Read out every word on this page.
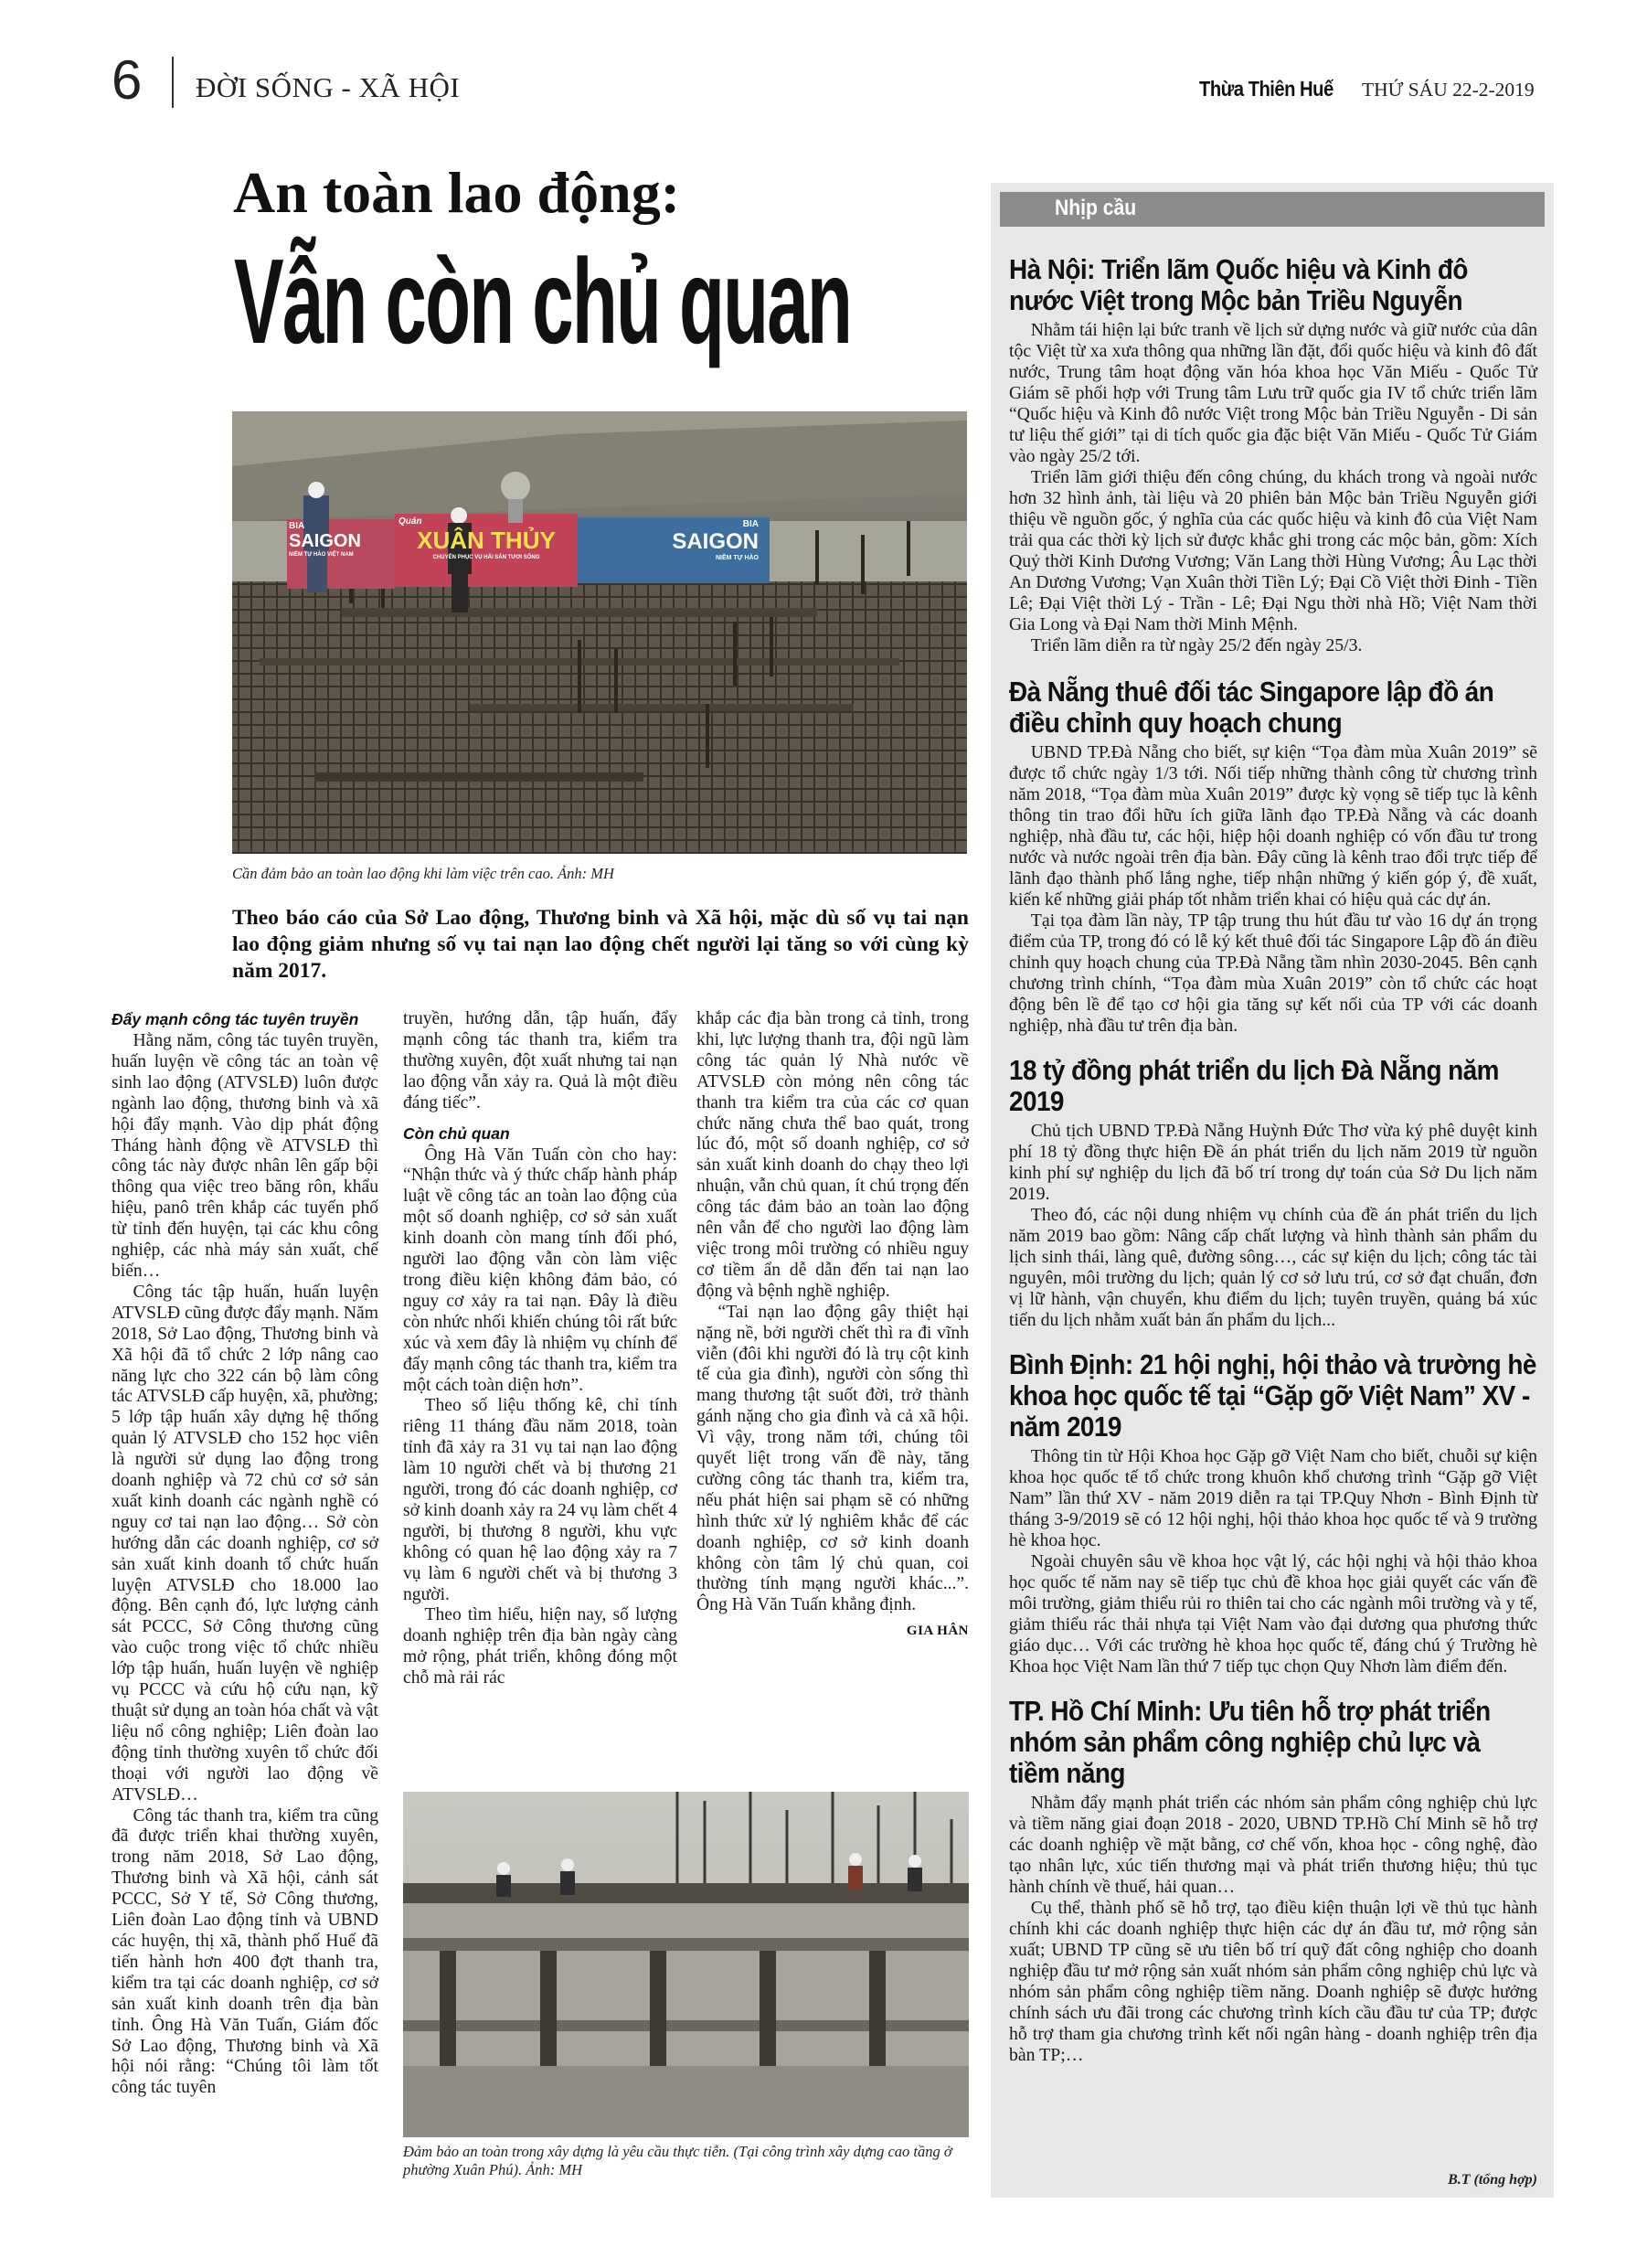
6 ĐỜI SỐNG - XÃ HỘI	Thừa Thiên Huế THỨ SÁU 22-2-2019
An toàn lao động:
Vẫn còn chủ quan
BIA
SAIGON
NIỀM TỰ HÀO VIỆT NAM
Quán
XUÂN THỦY
CHUYÊN PHỤC VỤ HẢI SẢN TƯƠI SỐNG
BIA
SAIGON
NIỀM TỰ HÀO
Cần đảm bảo an toàn lao động khi làm việc trên cao. Ảnh: MH
Theo báo cáo của Sở Lao động, Thương binh và Xã hội, mặc dù số vụ tai nạn lao động giảm nhưng số vụ tai nạn lao động chết người lại tăng so với cùng kỳ năm 2017.
Đẩy mạnh công tác tuyên truyền

Hằng năm, công tác tuyên truyền, huấn luyện về công tác an toàn vệ sinh lao động (ATVSLĐ) luôn được ngành lao động, thương binh và xã hội đẩy mạnh. Vào dịp phát động Tháng hành động về ATVSLĐ thì công tác này được nhân lên gấp bội thông qua việc treo băng rôn, khẩu hiệu, panô trên khắp các tuyến phố từ tỉnh đến huyện, tại các khu công nghiệp, các nhà máy sản xuất, chế biến…

Công tác tập huấn, huấn luyện ATVSLĐ cũng được đẩy mạnh. Năm 2018, Sở Lao động, Thương binh và Xã hội đã tổ chức 2 lớp nâng cao năng lực cho 322 cán bộ làm công tác ATVSLĐ cấp huyện, xã, phường; 5 lớp tập huấn xây dựng hệ thống quản lý ATVSLĐ cho 152 học viên là người sử dụng lao động trong doanh nghiệp và 72 chủ cơ sở sản xuất kinh doanh các ngành nghề có nguy cơ tai nạn lao động… Sở còn hướng dẫn các doanh nghiệp, cơ sở sản xuất kinh doanh tổ chức huấn luyện ATVSLĐ cho 18.000 lao động. Bên cạnh đó, lực lượng cảnh sát PCCC, Sở Công thương cũng vào cuộc trong việc tổ chức nhiều lớp tập huấn, huấn luyện về nghiệp vụ PCCC và cứu hộ cứu nạn, kỹ thuật sử dụng an toàn hóa chất và vật liệu nổ công nghiệp; Liên đoàn lao động tỉnh thường xuyên tổ chức đối thoại với người lao động về ATVSLĐ…

Công tác thanh tra, kiểm tra cũng đã được triển khai thường xuyên, trong năm 2018, Sở Lao động, Thương binh và Xã hội, cảnh sát PCCC, Sở Y tế, Sở Công thương, Liên đoàn Lao động tỉnh và UBND các huyện, thị xã, thành phố Huế đã tiến hành hơn 400 đợt thanh tra, kiểm tra tại các doanh nghiệp, cơ sở sản xuất kinh doanh trên địa bàn tỉnh. Ông Hà Văn Tuấn, Giám đốc Sở Lao động, Thương binh và Xã hội nói rằng: “Chúng tôi làm tốt công tác tuyên

truyền, hướng dẫn, tập huấn, đẩy mạnh công tác thanh tra, kiểm tra thường xuyên, đột xuất nhưng tai nạn lao động vẫn xảy ra. Quả là một điều đáng tiếc”.

Còn chủ quan

Ông Hà Văn Tuấn còn cho hay: “Nhận thức và ý thức chấp hành pháp luật về công tác an toàn lao động của một số doanh nghiệp, cơ sở sản xuất kinh doanh còn mang tính đối phó, người lao động vẫn còn làm việc trong điều kiện không đảm bảo, có nguy cơ xảy ra tai nạn. Đây là điều còn nhức nhối khiến chúng tôi rất bức xúc và xem đây là nhiệm vụ chính để đẩy mạnh công tác thanh tra, kiểm tra một cách toàn diện hơn”.

Theo số liệu thống kê, chỉ tính riêng 11 tháng đầu năm 2018, toàn tỉnh đã xảy ra 31 vụ tai nạn lao động làm 10 người chết và bị thương 21 người, trong đó các doanh nghiệp, cơ sở kinh doanh xảy ra 24 vụ làm chết 4 người, bị thương 8 người, khu vực không có quan hệ lao động xảy ra 7 vụ làm 6 người chết và bị thương 3 người.

Theo tìm hiểu, hiện nay, số lượng doanh nghiệp trên địa bàn ngày càng mở rộng, phát triển, không đóng một chỗ mà rải rác

khắp các địa bàn trong cả tỉnh, trong khi, lực lượng thanh tra, đội ngũ làm công tác quản lý Nhà nước về ATVSLĐ còn mỏng nên công tác thanh tra kiểm tra của các cơ quan chức năng chưa thể bao quát, trong lúc đó, một số doanh nghiệp, cơ sở sản xuất kinh doanh do chạy theo lợi nhuận, vẫn chủ quan, ít chú trọng đến công tác đảm bảo an toàn lao động nên vẫn để cho người lao động làm việc trong môi trường có nhiều nguy cơ tiềm ẩn dễ dẫn đến tai nạn lao động và bệnh nghề nghiệp.

“Tai nạn lao động gây thiệt hại nặng nề, bởi người chết thì ra đi vĩnh viễn (đôi khi người đó là trụ cột kinh tế của gia đình), người còn sống thì mang thương tật suốt đời, trở thành gánh nặng cho gia đình và cả xã hội. Vì vậy, trong năm tới, chúng tôi quyết liệt trong vấn đề này, tăng cường công tác thanh tra, kiểm tra, nếu phát hiện sai phạm sẽ có những hình thức xử lý nghiêm khắc để các doanh nghiệp, cơ sở kinh doanh không còn tâm lý chủ quan, coi thường tính mạng người khác...”. Ông Hà Văn Tuấn khẳng định.

GIA HÂN
Đảm bảo an toàn trong xây dựng là yêu cầu thực tiễn. (Tại công trình xây dựng cao tầng ở phường Xuân Phú). Ảnh: MH
Nhịp cầu
Hà Nội: Triển lãm Quốc hiệu và Kinh đô nước Việt trong Mộc bản Triều Nguyễn

Nhằm tái hiện lại bức tranh về lịch sử dựng nước và giữ nước của dân tộc Việt từ xa xưa thông qua những lần đặt, đổi quốc hiệu và kinh đô đất nước, Trung tâm hoạt động văn hóa khoa học Văn Miếu - Quốc Tử Giám sẽ phối hợp với Trung tâm Lưu trữ quốc gia IV tổ chức triển lãm “Quốc hiệu và Kinh đô nước Việt trong Mộc bản Triều Nguyễn - Di sản tư liệu thế giới” tại di tích quốc gia đặc biệt Văn Miếu - Quốc Tử Giám vào ngày 25/2 tới.

Triển lãm giới thiệu đến công chúng, du khách trong và ngoài nước hơn 32 hình ảnh, tài liệu và 20 phiên bản Mộc bản Triều Nguyễn giới thiệu về nguồn gốc, ý nghĩa của các quốc hiệu và kinh đô của Việt Nam trải qua các thời kỳ lịch sử được khắc ghi trong các mộc bản, gồm: Xích Quỷ thời Kinh Dương Vương; Văn Lang thời Hùng Vương; Âu Lạc thời An Dương Vương; Vạn Xuân thời Tiền Lý; Đại Cồ Việt thời Đinh - Tiền Lê; Đại Việt thời Lý - Trần - Lê; Đại Ngu thời nhà Hồ; Việt Nam thời Gia Long và Đại Nam thời Minh Mệnh.

Triển lãm diễn ra từ ngày 25/2 đến ngày 25/3.

Đà Nẵng thuê đối tác Singapore lập đồ án điều chỉnh quy hoạch chung

UBND TP.Đà Nẵng cho biết, sự kiện “Tọa đàm mùa Xuân 2019” sẽ được tổ chức ngày 1/3 tới. Nối tiếp những thành công từ chương trình năm 2018, “Tọa đàm mùa Xuân 2019” được kỳ vọng sẽ tiếp tục là kênh thông tin trao đổi hữu ích giữa lãnh đạo TP.Đà Nẵng và các doanh nghiệp, nhà đầu tư, các hội, hiệp hội doanh nghiệp có vốn đầu tư trong nước và nước ngoài trên địa bàn. Đây cũng là kênh trao đổi trực tiếp để lãnh đạo thành phố lắng nghe, tiếp nhận những ý kiến góp ý, đề xuất, kiến kế những giải pháp tốt nhằm triển khai có hiệu quả các dự án.

Tại tọa đàm lần này, TP tập trung thu hút đầu tư vào 16 dự án trọng điểm của TP, trong đó có lễ ký kết thuê đối tác Singapore Lập đồ án điều chỉnh quy hoạch chung của TP.Đà Nẵng tầm nhìn 2030-2045. Bên cạnh chương trình chính, “Tọa đàm mùa Xuân 2019” còn tổ chức các hoạt động bên lề để tạo cơ hội gia tăng sự kết nối của TP với các doanh nghiệp, nhà đầu tư trên địa bàn.

18 tỷ đồng phát triển du lịch Đà Nẵng năm 2019

Chủ tịch UBND TP.Đà Nẵng Huỳnh Đức Thơ vừa ký phê duyệt kinh phí 18 tỷ đồng thực hiện Đề án phát triển du lịch năm 2019 từ nguồn kinh phí sự nghiệp du lịch đã bố trí trong dự toán của Sở Du lịch năm 2019.

Theo đó, các nội dung nhiệm vụ chính của đề án phát triển du lịch năm 2019 bao gồm: Nâng cấp chất lượng và hình thành sản phẩm du lịch sinh thái, làng quê, đường sông…, các sự kiện du lịch; công tác tài nguyên, môi trường du lịch; quản lý cơ sở lưu trú, cơ sở đạt chuẩn, đơn vị lữ hành, vận chuyển, khu điểm du lịch; tuyên truyền, quảng bá xúc tiến du lịch nhằm xuất bản ấn phẩm du lịch...

Bình Định: 21 hội nghị, hội thảo và trường hè khoa học quốc tế tại “Gặp gỡ Việt Nam” XV - năm 2019

Thông tin từ Hội Khoa học Gặp gỡ Việt Nam cho biết, chuỗi sự kiện khoa học quốc tế tổ chức trong khuôn khổ chương trình “Gặp gỡ Việt Nam” lần thứ XV - năm 2019 diễn ra tại TP.Quy Nhơn - Bình Định từ tháng 3-9/2019 sẽ có 12 hội nghị, hội thảo khoa học quốc tế và 9 trường hè khoa học.

Ngoài chuyên sâu về khoa học vật lý, các hội nghị và hội thảo khoa học quốc tế năm nay sẽ tiếp tục chủ đề khoa học giải quyết các vấn đề môi trường, giảm thiểu rủi ro thiên tai cho các ngành môi trường và y tế, giảm thiểu rác thải nhựa tại Việt Nam vào đại dương qua phương thức giáo dục… Với các trường hè khoa học quốc tế, đáng chú ý Trường hè Khoa học Việt Nam lần thứ 7 tiếp tục chọn Quy Nhơn làm điểm đến.

TP. Hồ Chí Minh: Ưu tiên hỗ trợ phát triển nhóm sản phẩm công nghiệp chủ lực và tiềm năng

Nhằm đẩy mạnh phát triển các nhóm sản phẩm công nghiệp chủ lực và tiềm năng giai đoạn 2018 - 2020, UBND TP.Hồ Chí Minh sẽ hỗ trợ các doanh nghiệp về mặt bằng, cơ chế vốn, khoa học - công nghệ, đào tạo nhân lực, xúc tiến thương mại và phát triển thương hiệu; thủ tục hành chính về thuế, hải quan…

Cụ thể, thành phố sẽ hỗ trợ, tạo điều kiện thuận lợi về thủ tục hành chính khi các doanh nghiệp thực hiện các dự án đầu tư, mở rộng sản xuất; UBND TP cũng sẽ ưu tiên bố trí quỹ đất công nghiệp cho doanh nghiệp đầu tư mở rộng sản xuất nhóm sản phẩm công nghiệp chủ lực và nhóm sản phẩm công nghiệp tiềm năng. Doanh nghiệp sẽ được hưởng chính sách ưu đãi trong các chương trình kích cầu đầu tư của TP; được hỗ trợ tham gia chương trình kết nối ngân hàng - doanh nghiệp trên địa bàn TP;…

B.T (tổng hợp)
